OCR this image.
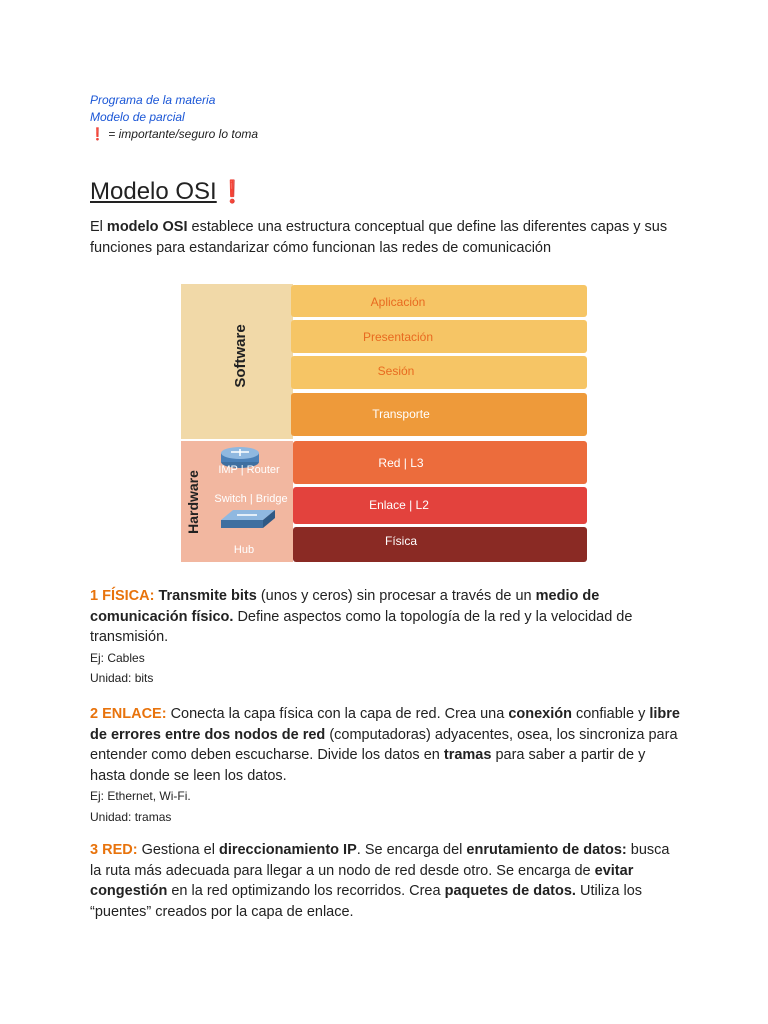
Programa de la materia
Modelo de parcial
❗ = importante/seguro lo toma
Modelo OSI❗

El modelo OSI establece una estructura conceptual que define las diferentes capas y sus funciones para estandarizar cómo funcionan las redes de comunicación

Aplicación
Presentación
Sesión
Transporte
Red | L3
Enlace | L2
Física
Software
Hardware
IMP | Router
Switch | Bridge
Hub

1 FÍSICA: Transmite bits (unos y ceros) sin procesar a través de un medio de comunicación físico. Define aspectos como la topología de la red y la velocidad de transmisión.
Ej: Cables
Unidad: bits

2 ENLACE: Conecta la capa física con la capa de red. Crea una conexión confiable y libre de errores entre dos nodos de red (computadoras) adyacentes, osea, los sincroniza para entender como deben escucharse. Divide los datos en tramas para saber a partir de y hasta donde se leen los datos.
Ej: Ethernet, Wi-Fi.
Unidad: tramas

3 RED: Gestiona el direccionamiento IP. Se encarga del enrutamiento de datos: busca la ruta más adecuada para llegar a un nodo de red desde otro. Se encarga de evitar congestión en la red optimizando los recorridos. Crea paquetes de datos. Utiliza los “puentes” creados por la capa de enlace.
